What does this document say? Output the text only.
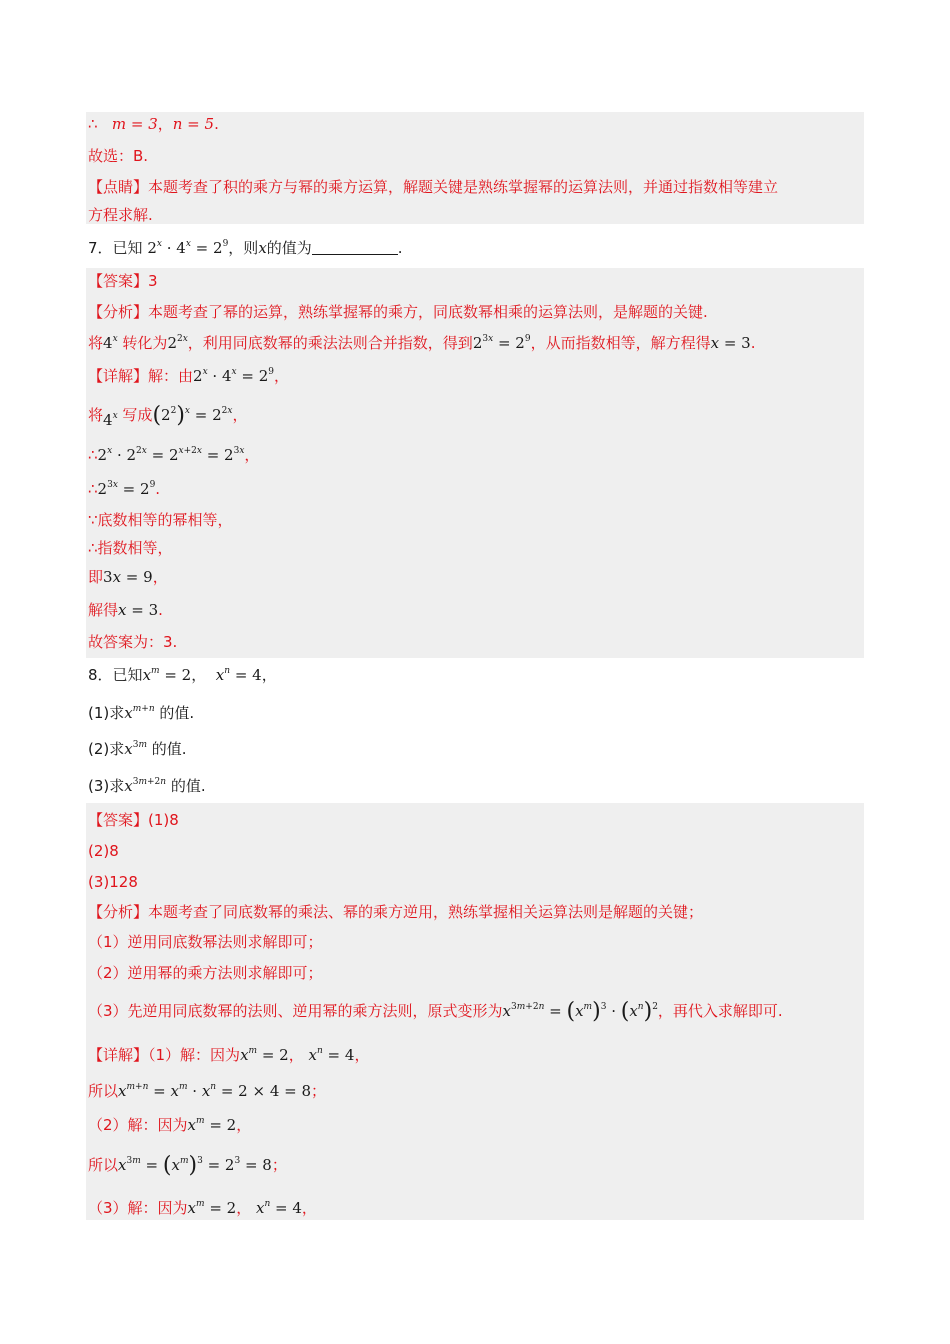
∴ m = 3，n = 5.
故选：B.
【点睛】本题考查了积的乘方与幂的乘方运算，解题关键是熟练掌握幂的运算法则，并通过指数相等建立
方程求解.
7．已知 $2^x \cdot 4^x = 2^9$，则x的值为	.
【答案】3
【分析】本题考查了幂的运算，熟练掌握幂的乘方，同底数幂相乘的运算法则，是解题的关键.
将4$^x$ 转化为$2^{2x}$，利用同底数幂的乘法法则合并指数，得到$2^{3x} = 2^9$，从而指数相等，解方程得x = 3.
【详解】解：由$2^x \cdot 4^x = 2^9$，
将4$^x$ 写成$(2^2)^x = 2^{2x}$，
$\therefore 2^x \cdot 2^{2x} = 2^{x+2x} = 2^{3x}$，
$\therefore 2^{3x} = 2^9$.
∵底数相等的幂相等，
∴指数相等，
即3x = 9，
解得x = 3.
故答案为：3.
8．已知$x^m = 2$， $x^n = 4$，
(1)求$x^{m+n}$ 的值.
(2)求$x^{3m}$ 的值.
(3)求$x^{3m+2n}$ 的值.
【答案】(1)8
(2)8
(3)128
【分析】本题考查了同底数幂的乘法、幂的乘方逆用，熟练掌握相关运算法则是解题的关键；
（1）逆用同底数幂法则求解即可；
（2）逆用幂的乘方法则求解即可；
（3）先逆用同底数幂的法则、逆用幂的乘方法则，原式变形为$x^{3m+2n} = (x^m)^3 \cdot (x^n)^2$，再代入求解即可.
【详解】（1）解：因为$x^m = 2$， $x^n = 4$，
所以$x^{m+n} = x^m \cdot x^n = 2 \times 4 = 8$；
（2）解：因为$x^m = 2$，
所以$x^{3m} = (x^m)^3 = 2^3 = 8$；
（3）解：因为$x^m = 2$， $x^n = 4$，
